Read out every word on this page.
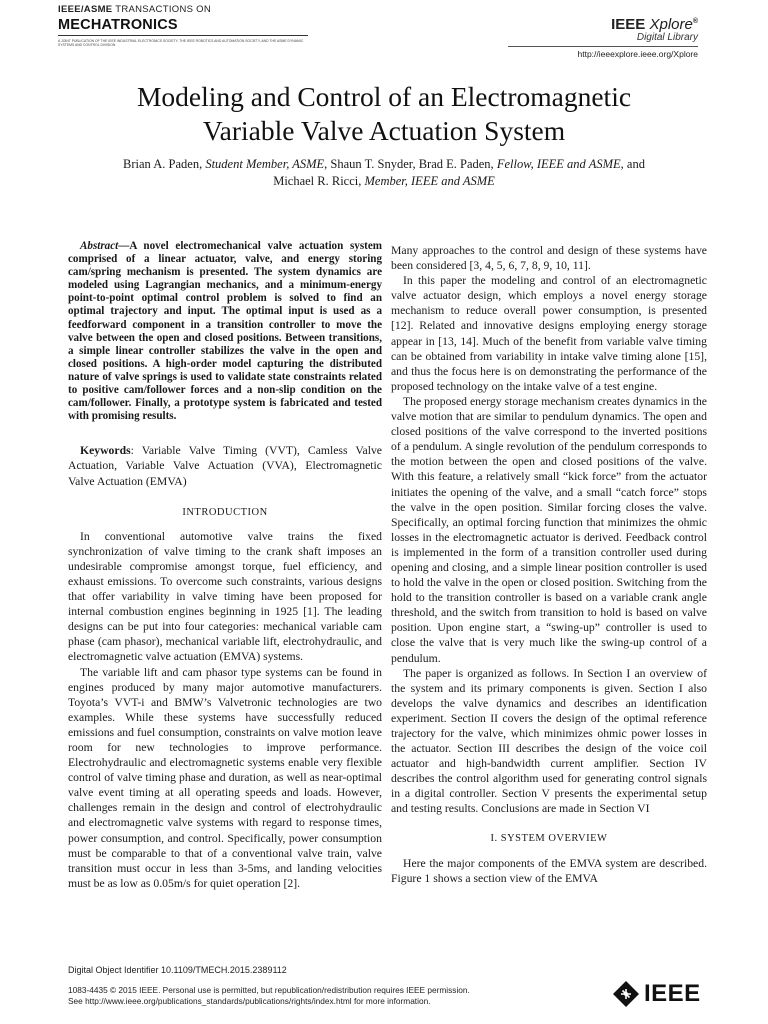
IEEE/ASME TRANSACTIONS ON
MECHATRONICS
A JOINT PUBLICATION OF THE IEEE INDUSTRIAL ELECTRONICS SOCIETY, THE IEEE ROBOTICS AND AUTOMATION SOCIETY, AND THE ASME DYNAMIC SYSTEMS AND CONTROL DIVISION
IEEE Xplore®
Digital Library
http://ieeexplore.ieee.org/Xplore
Modeling and Control of an Electromagnetic
Variable Valve Actuation System
Brian A. Paden, Student Member, ASME, Shaun T. Snyder, Brad E. Paden, Fellow, IEEE and ASME, and
Michael R. Ricci, Member, IEEE and ASME

Abstract—A novel electromechanical valve actuation system comprised of a linear actuator, valve, and energy storing cam/spring mechanism is presented. The system dynamics are modeled using Lagrangian mechanics, and a minimum-energy point-to-point optimal control problem is solved to find an optimal trajectory and input. The optimal input is used as a feedforward component in a transition controller to move the valve between the open and closed positions. Between transitions, a simple linear controller stabilizes the valve in the open and closed positions. A high-order model capturing the distributed nature of valve springs is used to validate state constraints related to positive cam/follower forces and a non-slip condition on the cam/follower. Finally, a prototype system is fabricated and tested with promising results.

Keywords: Variable Valve Timing (VVT), Camless Valve Actuation, Variable Valve Actuation (VVA), Electromagnetic Valve Actuation (EMVA)

INTRODUCTION

In conventional automotive valve trains the fixed synchronization of valve timing to the crank shaft imposes an undesirable compromise amongst torque, fuel efficiency, and exhaust emissions. To overcome such constraints, various designs that offer variability in valve timing have been proposed for internal combustion engines beginning in 1925 [1]. The leading designs can be put into four categories: mechanical variable cam phase (cam phasor), mechanical variable lift, electrohydraulic, and electromagnetic valve actuation (EMVA) systems.

The variable lift and cam phasor type systems can be found in engines produced by many major automotive manufacturers. Toyota’s VVT-i and BMW’s Valvetronic technologies are two examples. While these systems have successfully reduced emissions and fuel consumption, constraints on valve motion leave room for new technologies to improve performance. Electrohydraulic and electromagnetic systems enable very flexible control of valve timing phase and duration, as well as near-optimal valve event timing at all operating speeds and loads. However, challenges remain in the design and control of electrohydraulic and electromagnetic valve systems with regard to response times, power consumption, and control. Specifically, power consumption must be comparable to that of a conventional valve train, valve transition must occur in less than 3-5ms, and landing velocities must be as low as 0.05m/s for quiet operation [2].

Many approaches to the control and design of these systems have been considered [3, 4, 5, 6, 7, 8, 9, 10, 11].

In this paper the modeling and control of an electromagnetic valve actuator design, which employs a novel energy storage mechanism to reduce overall power consumption, is presented [12]. Related and innovative designs employing energy storage appear in [13, 14]. Much of the benefit from variable valve timing can be obtained from variability in intake valve timing alone [15], and thus the focus here is on demonstrating the performance of the proposed technology on the intake valve of a test engine.

The proposed energy storage mechanism creates dynamics in the valve motion that are similar to pendulum dynamics. The open and closed positions of the valve correspond to the inverted positions of a pendulum. A single revolution of the pendulum corresponds to the motion between the open and closed positions of the valve. With this feature, a relatively small “kick force” from the actuator initiates the opening of the valve, and a small “catch force” stops the valve in the open position. Similar forcing closes the valve. Specifically, an optimal forcing function that minimizes the ohmic losses in the electromagnetic actuator is derived. Feedback control is implemented in the form of a transition controller used during opening and closing, and a simple linear position controller is used to hold the valve in the open or closed position. Switching from the hold to the transition controller is based on a variable crank angle threshold, and the switch from transition to hold is based on valve position. Upon engine start, a “swing-up” controller is used to close the valve that is very much like the swing-up control of a pendulum.

The paper is organized as follows. In Section I an overview of the system and its primary components is given. Section I also develops the valve dynamics and describes an identification experiment. Section II covers the design of the optimal reference trajectory for the valve, which minimizes ohmic power losses in the actuator. Section III describes the design of the voice coil actuator and high-bandwidth current amplifier. Section IV describes the control algorithm used for generating control signals in a digital controller. Section V presents the experimental setup and testing results. Conclusions are made in Section VI

I. SYSTEM OVERVIEW

Here the major components of the EMVA system are described. Figure 1 shows a section view of the EMVA

Digital Object Identifier 10.1109/TMECH.2015.2389112
1083-4435 © 2015 IEEE. Personal use is permitted, but republication/redistribution requires IEEE permission.
See http://www.ieee.org/publications_standards/publications/rights/index.html for more information.	IEEE
